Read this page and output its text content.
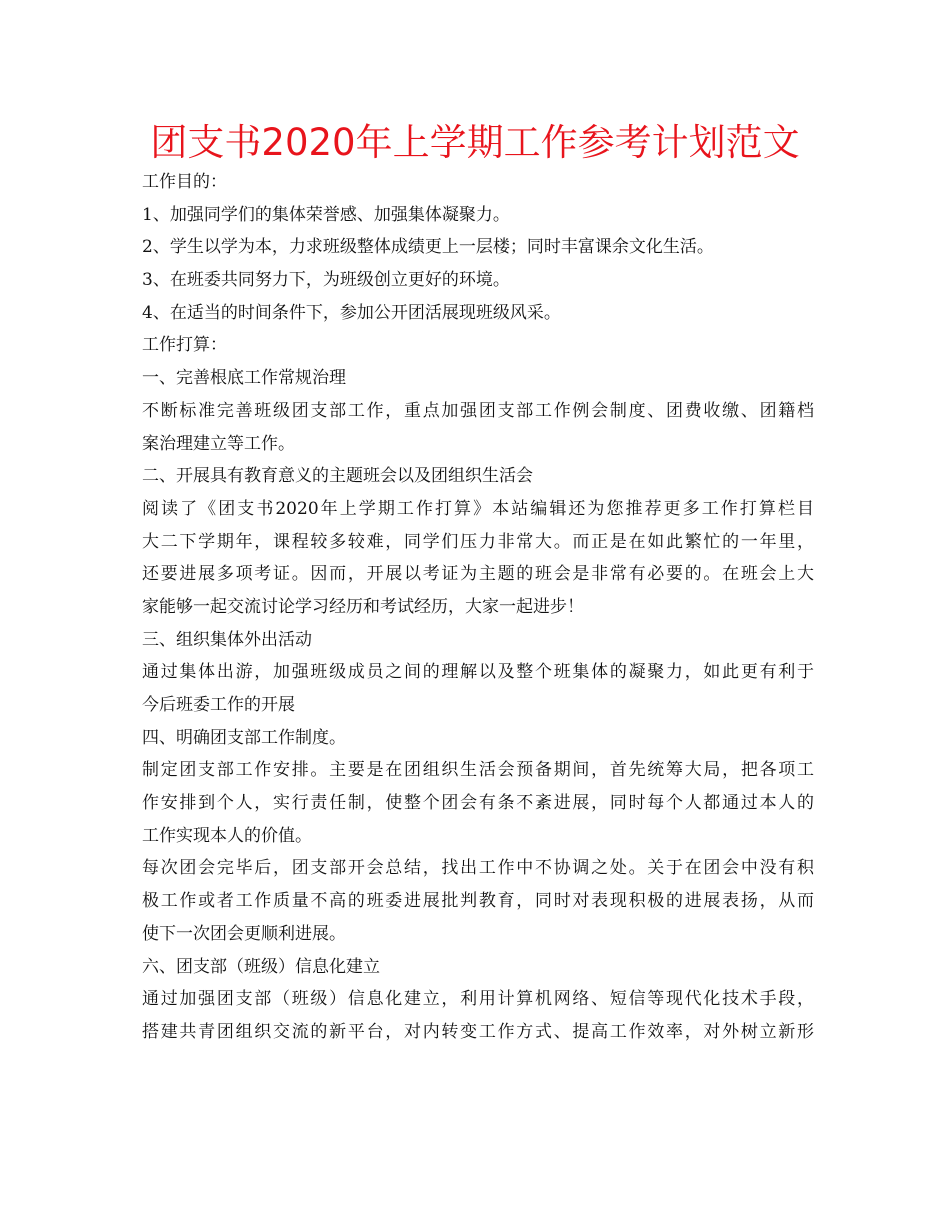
团支书2020年上学期工作参考计划范文
工作目的：
1、加强同学们的集体荣誉感、加强集体凝聚力。
2、学生以学为本，力求班级整体成绩更上一层楼；同时丰富课余文化生活。
3、在班委共同努力下，为班级创立更好的环境。
4、在适当的时间条件下，参加公开团活展现班级风采。
工作打算：
一、完善根底工作常规治理
不断标准完善班级团支部工作，重点加强团支部工作例会制度、团费收缴、团籍档
案治理建立等工作。
二、开展具有教育意义的主题班会以及团组织生活会
阅读了《团支书2020年上学期工作打算》本站编辑还为您推荐更多工作打算栏目
大二下学期年，课程较多较难，同学们压力非常大。而正是在如此繁忙的一年里，
还要进展多项考证。因而，开展以考证为主题的班会是非常有必要的。在班会上大
家能够一起交流讨论学习经历和考试经历，大家一起进步！
三、组织集体外出活动
通过集体出游，加强班级成员之间的理解以及整个班集体的凝聚力，如此更有利于
今后班委工作的开展
四、明确团支部工作制度。
制定团支部工作安排。主要是在团组织生活会预备期间，首先统筹大局，把各项工
作安排到个人，实行责任制，使整个团会有条不紊进展，同时每个人都通过本人的
工作实现本人的价值。
每次团会完毕后，团支部开会总结，找出工作中不协调之处。关于在团会中没有积
极工作或者工作质量不高的班委进展批判教育，同时对表现积极的进展表扬，从而
使下一次团会更顺利进展。
六、团支部（班级）信息化建立
通过加强团支部（班级）信息化建立，利用计算机网络、短信等现代化技术手段，
搭建共青团组织交流的新平台，对内转变工作方式、提高工作效率，对外树立新形
